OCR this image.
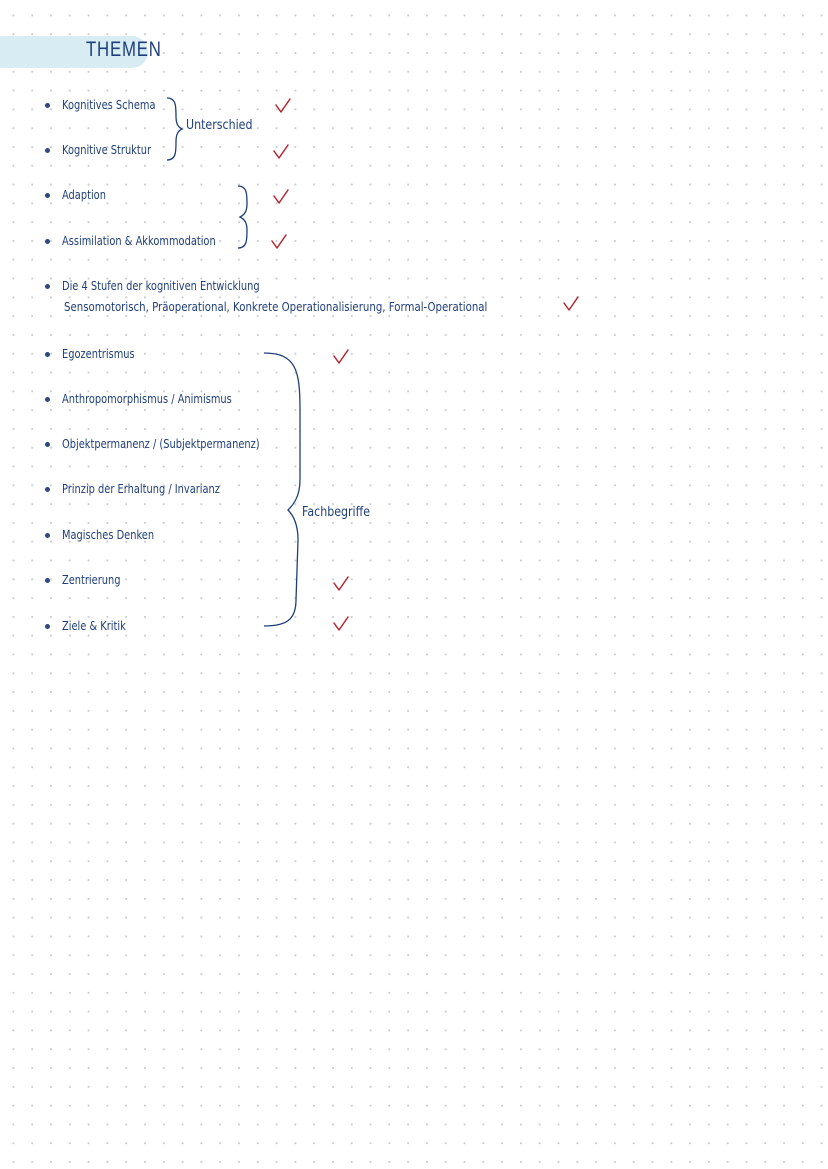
THEMEN
Kognitives Schema
Kognitive Struktur
Adaption
Assimilation & Akkommodation
Die 4 Stufen der kognitiven Entwicklung
Sensomotorisch, Präoperational, Konkrete Operationalisierung, Formal-Operational
Egozentrismus
Anthropomorphismus / Animismus
Objektpermanenz / (Subjektpermanenz)
Prinzip der Erhaltung / Invarianz
Magisches Denken
Zentrierung
Ziele & Kritik
Unterschied
Fachbegriffe
